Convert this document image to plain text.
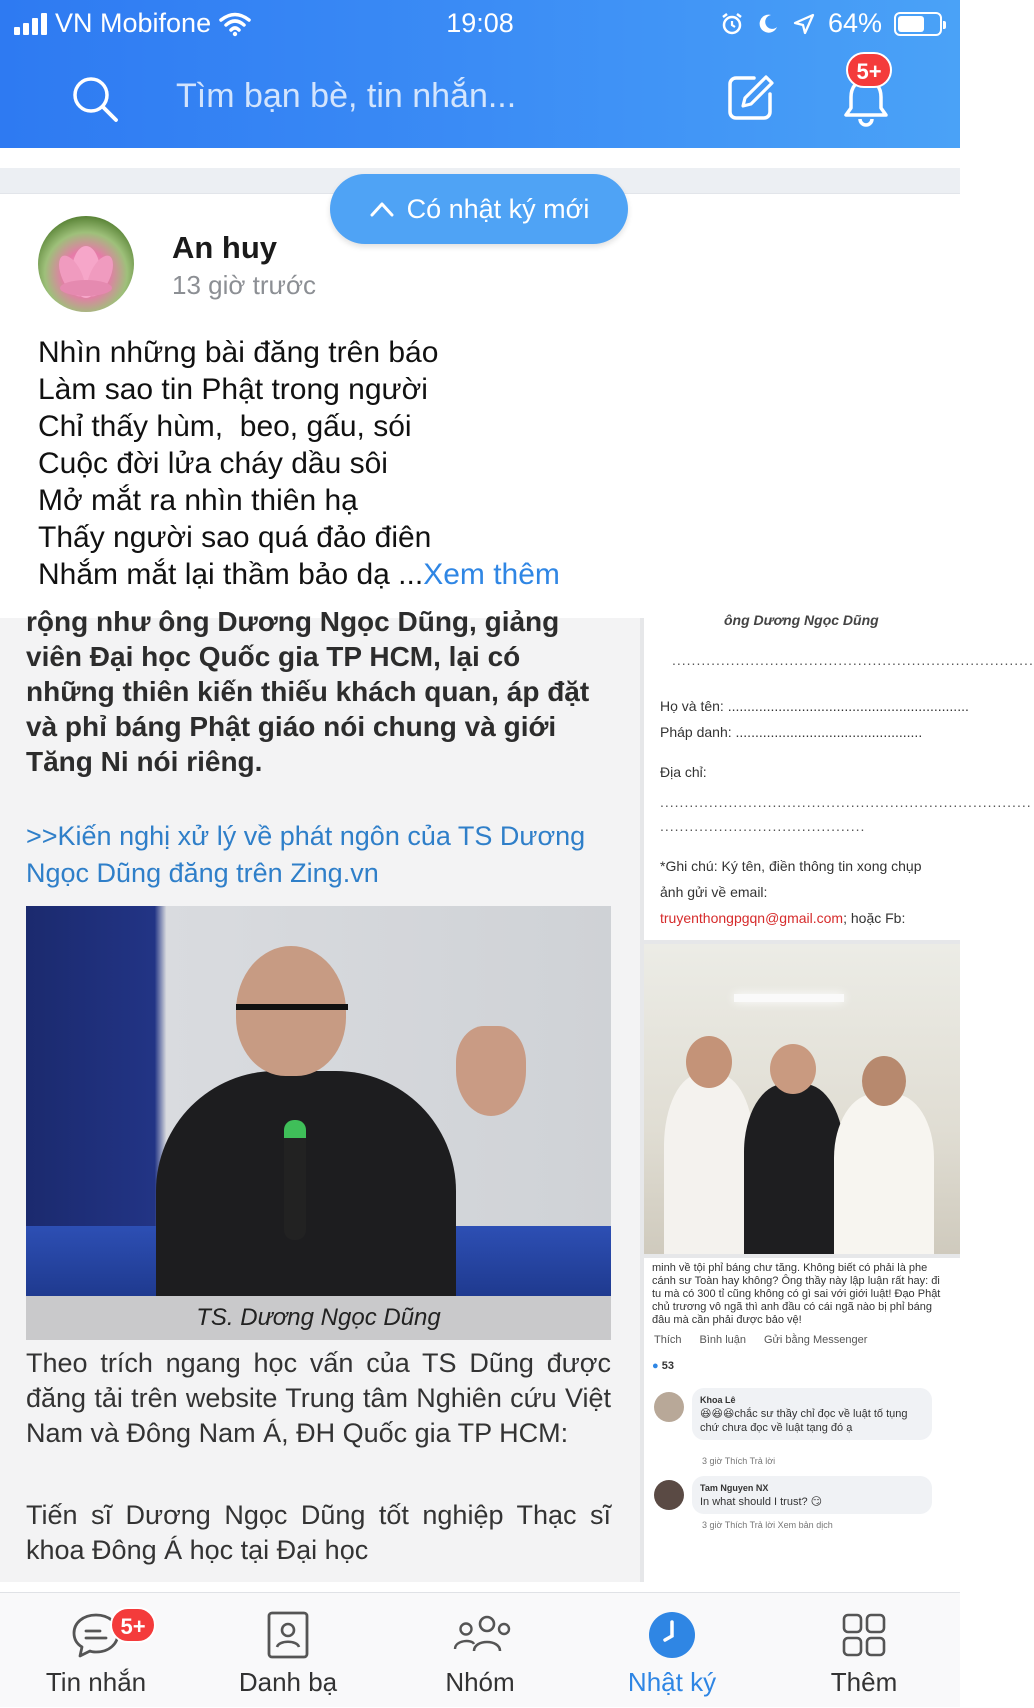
VN Mobifone	19:08	64%
Tìm bạn bè, tin nhắn...
5+
Có nhật ký mới
An huy
13 giờ trước
Nhìn những bài đăng trên báo
Làm sao tin Phật trong người
Chỉ thấy hùm,  beo, gấu, sói
Cuộc đời lửa cháy dầu sôi
Mở mắt ra nhìn thiên hạ
Thấy người sao quá đảo điên
Nhắm mắt lại thầm bảo dạ ...Xem thêm
rộng như ông Dương Ngọc Dũng, giảng viên Đại học Quốc gia TP HCM, lại có những thiên kiến thiếu khách quan, áp đặt và phỉ báng Phật giáo nói chung và giới Tăng Ni nói riêng.
>>Kiến nghị xử lý về phát ngôn của TS Dương Ngọc Dũng đăng trên Zing.vn
TS. Dương Ngọc Dũng
Theo trích ngang học vấn của TS Dũng được đăng tải trên website Trung tâm Nghiên cứu Việt Nam và Đông Nam Á, ĐH Quốc gia TP HCM:
Tiến sĩ Dương Ngọc Dũng tốt nghiệp Thạc sĩ khoa Đông Á học tại Đại học
ông Dương Ngọc Dũng
..........................................................................
Họ và tên: ..............................................................
Pháp danh: ................................................
Địa chỉ:
............................................................................
..........................................
*Ghi chú: Ký tên, điền thông tin xong chụp
ảnh gửi về email:
truyenthongpgqn@gmail.com; hoặc Fb:
minh về tội phỉ báng chư tăng. Không biết có phải là phe cánh sư Toàn hay không? Ông thầy này lập luận rất hay: đi tu mà có 300 tỉ cũng không có gì sai với giới luật! Đạo Phật chủ trương vô ngã thì anh đầu có cái ngã nào bị phỉ báng đâu mà cần phải được bảo vệ!
Thích Bình luận Gửi bằng Messenger
● 53
Khoa Lê
😆😆😆chắc sư thầy chỉ đọc về luật tố tụng chứ chưa đọc về luật tạng đó ạ
3 giờ Thích Trả lời
Tam Nguyen NX
In what should I trust? 😏
3 giờ Thích Trả lời Xem bản dịch
5+
Tin nhắn	Danh bạ	Nhóm	Nhật ký	Thêm
